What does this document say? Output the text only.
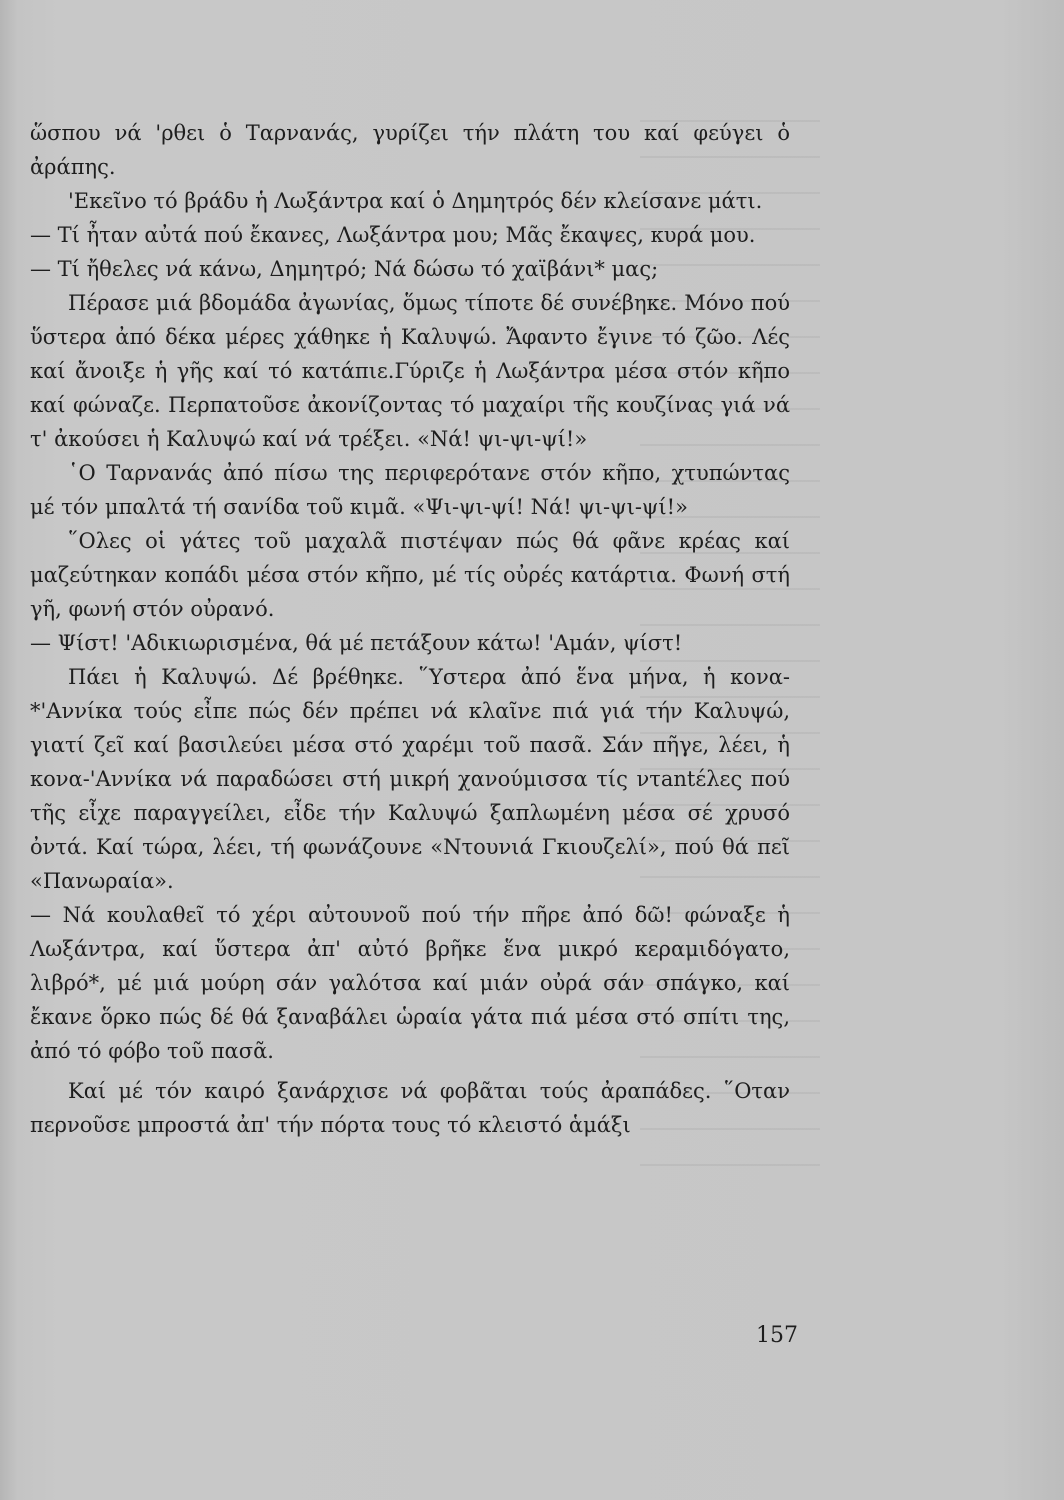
ὥσπου νά 'ρθει ὁ Ταρνανάς, γυρίζει τήν πλάτη του καί φεύγει ὁ ἀράπης.

'Εκεῖνο τό βράδυ ἡ Λωξάντρα καί ὁ Δημητρός δέν κλείσανε μάτι.

— Τί ἦταν αὐτά πού ἔκανες, Λωξάντρα μου; Μᾶς ἔκαψες, κυρά μου.

— Τί ἤθελες νά κάνω, Δημητρό; Νά δώσω τό χαϊβάνι* μας;

Πέρασε μιά βδομάδα ἀγωνίας, ὅμως τίποτε δέ συνέβηκε. Μόνο πού ὕστερα ἀπό δέκα μέρες χάθηκε ἡ Καλυψώ. Ἄφαντο ἔγινε τό ζῶο. Λές καί ἄνοιξε ἡ γῆς καί τό κατάπιε.Γύριζε ἡ Λωξάντρα μέσα στόν κῆπο καί φώναζε. Περπατοῦσε ἀκονίζοντας τό μαχαίρι τῆς κουζίνας γιά νά τ' ἀκούσει ἡ Καλυψώ καί νά τρέξει. «Νά! ψι-ψι-ψί!»

῾Ο Ταρνανάς ἀπό πίσω της περιφερότανε στόν κῆπο, χτυπώντας μέ τόν μπαλτά τή σανίδα τοῦ κιμᾶ. «Ψι-ψι-ψί! Νά! ψι-ψι-ψί!»

῞Ολες οἱ γάτες τοῦ μαχαλᾶ πιστέψαν πώς θά φᾶνε κρέας καί μαζεύτηκαν κοπάδι μέσα στόν κῆπο, μέ τίς οὐρές κατάρτια. Φωνή στή γῆ, φωνή στόν οὐρανό.

— Ψίστ! 'Αδικιωρισμένα, θά μέ πετάξουν κάτω! 'Αμάν, ψίστ!

Πάει ἡ Καλυψώ. Δέ βρέθηκε. ῞Υστερα ἀπό ἕνα μήνα, ἡ κονα-*'Αννίκα τούς εἶπε πώς δέν πρέπει νά κλαῖνε πιά γιά τήν Καλυψώ, γιατί ζεῖ καί βασιλεύει μέσα στό χαρέμι τοῦ πασᾶ. Σάν πῆγε, λέει, ἡ κονα-'Αννίκα νά παραδώσει στή μικρή χανούμισσα τίς ντantέλες πού τῆς εἶχε παραγγείλει, εἶδε τήν Καλυψώ ξαπλωμένη μέσα σέ χρυσό ὀντά. Καί τώρα, λέει, τή φωνάζουνε «Ντουνιά Γκιουζελί», πού θά πεῖ «Πανωραία».

— Νά κουλαθεῖ τό χέρι αὐτουνοῦ πού τήν πῆρε ἀπό δῶ! φώναξε ἡ Λωξάντρα, καί ὕστερα ἀπ' αὐτό βρῆκε ἕνα μικρό κεραμιδόγατο, λιβρό*, μέ μιά μούρη σάν γαλότσα καί μιάν οὐρά σάν σπάγκο, καί ἔκανε ὅρκο πώς δέ θά ξαναβάλει ὡραία γάτα πιά μέσα στό σπίτι της, ἀπό τό φόβο τοῦ πασᾶ.

Καί μέ τόν καιρό ξανάρχισε νά φοβᾶται τούς ἀραπάδες. ῞Οταν περνοῦσε μπροστά ἀπ' τήν πόρτα τους τό κλειστό ἁμάξι

157
